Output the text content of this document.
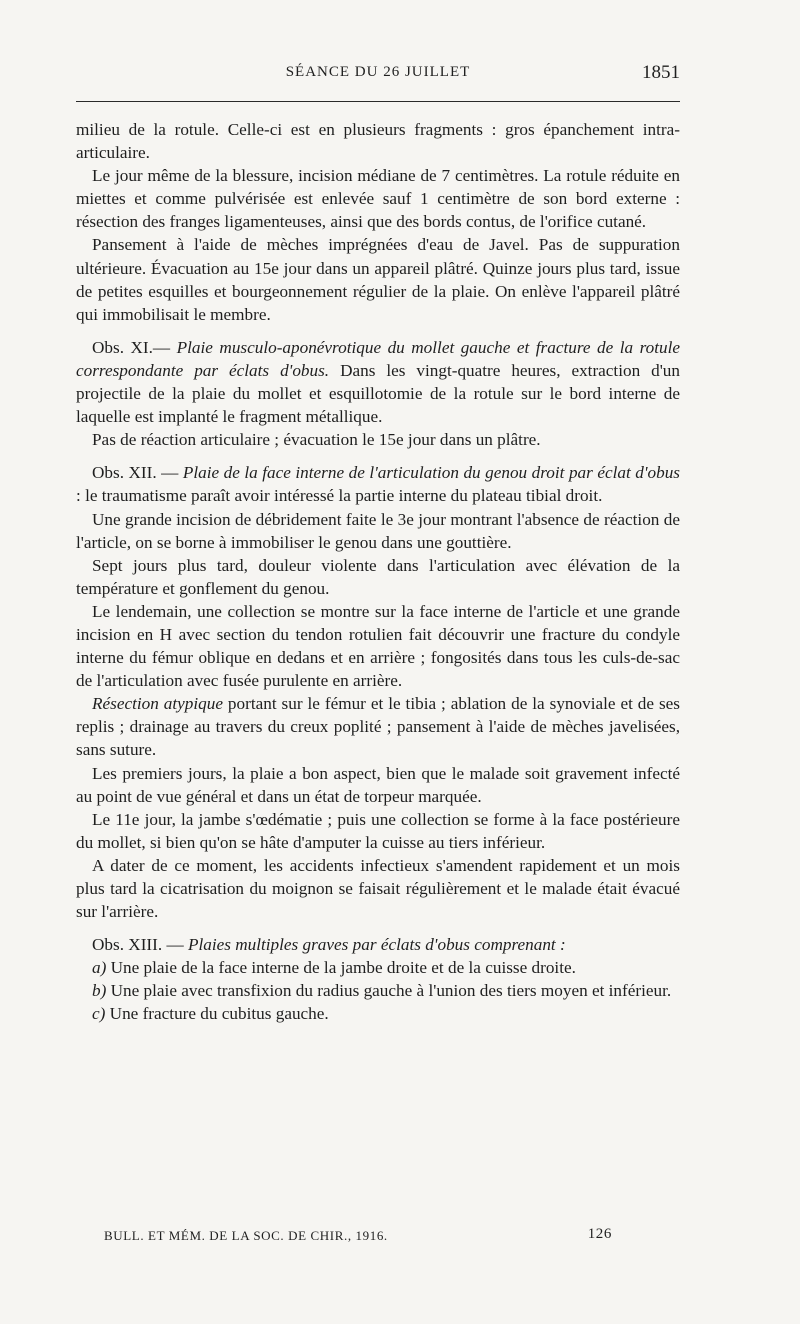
SÉANCE DU 26 JUILLET	1851

milieu de la rotule. Celle-ci est en plusieurs fragments : gros épanchement intra-articulaire.

Le jour même de la blessure, incision médiane de 7 centimètres. La rotule réduite en miettes et comme pulvérisée est enlevée sauf 1 centimètre de son bord externe : résection des franges ligamenteuses, ainsi que des bords contus, de l'orifice cutané.

Pansement à l'aide de mèches imprégnées d'eau de Javel. Pas de suppuration ultérieure. Évacuation au 15e jour dans un appareil plâtré. Quinze jours plus tard, issue de petites esquilles et bourgeonnement régulier de la plaie. On enlève l'appareil plâtré qui immobilisait le membre.

Obs. XI.— Plaie musculo-aponévrotique du mollet gauche et fracture de la rotule correspondante par éclats d'obus. Dans les vingt-quatre heures, extraction d'un projectile de la plaie du mollet et esquillotomie de la rotule sur le bord interne de laquelle est implanté le fragment métallique.

Pas de réaction articulaire ; évacuation le 15e jour dans un plâtre.

Obs. XII. — Plaie de la face interne de l'articulation du genou droit par éclat d'obus : le traumatisme paraît avoir intéressé la partie interne du plateau tibial droit.

Une grande incision de débridement faite le 3e jour montrant l'absence de réaction de l'article, on se borne à immobiliser le genou dans une gouttière.

Sept jours plus tard, douleur violente dans l'articulation avec élévation de la température et gonflement du genou.

Le lendemain, une collection se montre sur la face interne de l'article et une grande incision en H avec section du tendon rotulien fait découvrir une fracture du condyle interne du fémur oblique en dedans et en arrière ; fongosités dans tous les culs-de-sac de l'articulation avec fusée purulente en arrière.

Résection atypique portant sur le fémur et le tibia ; ablation de la synoviale et de ses replis ; drainage au travers du creux poplité ; pansement à l'aide de mèches javelisées, sans suture.

Les premiers jours, la plaie a bon aspect, bien que le malade soit gravement infecté au point de vue général et dans un état de torpeur marquée.

Le 11e jour, la jambe s'œdématie ; puis une collection se forme à la face postérieure du mollet, si bien qu'on se hâte d'amputer la cuisse au tiers inférieur.

A dater de ce moment, les accidents infectieux s'amendent rapidement et un mois plus tard la cicatrisation du moignon se faisait régulièrement et le malade était évacué sur l'arrière.

Obs. XIII. — Plaies multiples graves par éclats d'obus comprenant :

a) Une plaie de la face interne de la jambe droite et de la cuisse droite.

b) Une plaie avec transfixion du radius gauche à l'union des tiers moyen et inférieur.

c) Une fracture du cubitus gauche.

BULL. ET MÉM. DE LA SOC. DE CHIR., 1916.	126
